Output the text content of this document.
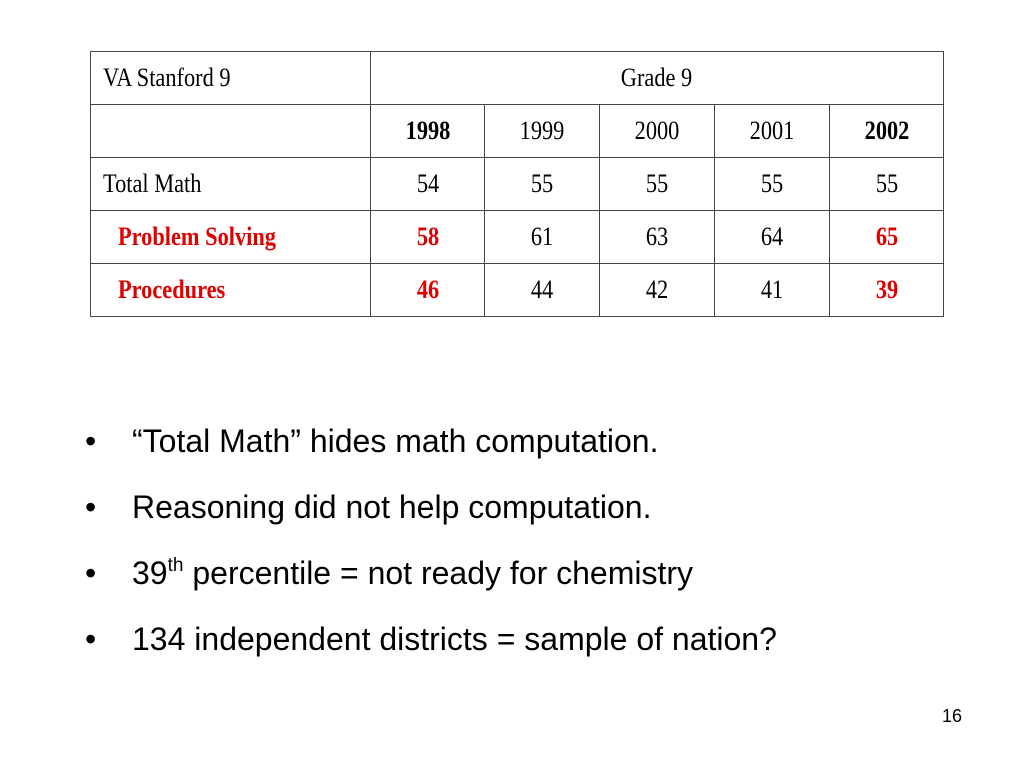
VA Stanford 9	Grade 9				
	1998	1999	2000	2001	2002
Total Math	54	55	55	55	55
Problem Solving	58	61	63	64	65
Procedures	46	44	42	41	39
•	“Total Math” hides math computation.
•	Reasoning did not help computation.
•	39th percentile = not ready for chemistry
•	134 independent districts = sample of nation?
16
